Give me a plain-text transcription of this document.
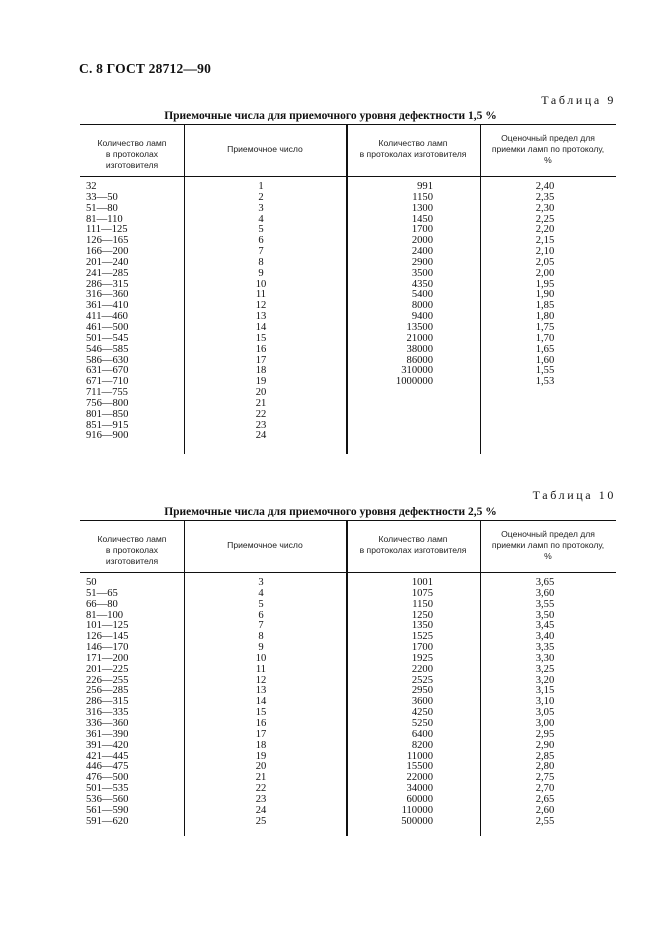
С. 8 ГОСТ 28712—90
Таблица 9
Приемочные числа для приемочного уровня дефектности 1,5 %
Количество ламп
в протоколах изготовителя
Приемочное число
Количество ламп
в протоколах изготовителя
Оценочный предел для
приемки ламп по протоколу,
%
32
33—50
51—80
81—110
111—125
126—165
166—200
201—240
241—285
286—315
316—360
361—410
411—460
461—500
501—545
546—585
586—630
631—670
671—710
711—755
756—800
801—850
851—915
916—900
1
2
3
4
5
6
7
8
9
10
11
12
13
14
15
16
17
18
19
20
21
22
23
24
991
1150
1300
1450
1700
2000
2400
2900
3500
4350
5400
8000
9400
13500
21000
38000
86000
310000
1000000
2,40
2,35
2,30
2,25
2,20
2,15
2,10
2,05
2,00
1,95
1,90
1,85
1,80
1,75
1,70
1,65
1,60
1,55
1,53
Таблица 10
Приемочные числа для приемочного уровня дефектности 2,5 %
Количество ламп
в протоколах изготовителя
Приемочное число
Количество ламп
в протоколах изготовителя
Оценочный предел для
приемки ламп по протоколу,
%
50
51—65
66—80
81—100
101—125
126—145
146—170
171—200
201—225
226—255
256—285
286—315
316—335
336—360
361—390
391—420
421—445
446—475
476—500
501—535
536—560
561—590
591—620
3
4
5
6
7
8
9
10
11
12
13
14
15
16
17
18
19
20
21
22
23
24
25
1001
1075
1150
1250
1350
1525
1700
1925
2200
2525
2950
3600
4250
5250
6400
8200
11000
15500
22000
34000
60000
110000
500000
3,65
3,60
3,55
3,50
3,45
3,40
3,35
3,30
3,25
3,20
3,15
3,10
3,05
3,00
2,95
2,90
2,85
2,80
2,75
2,70
2,65
2,60
2,55
